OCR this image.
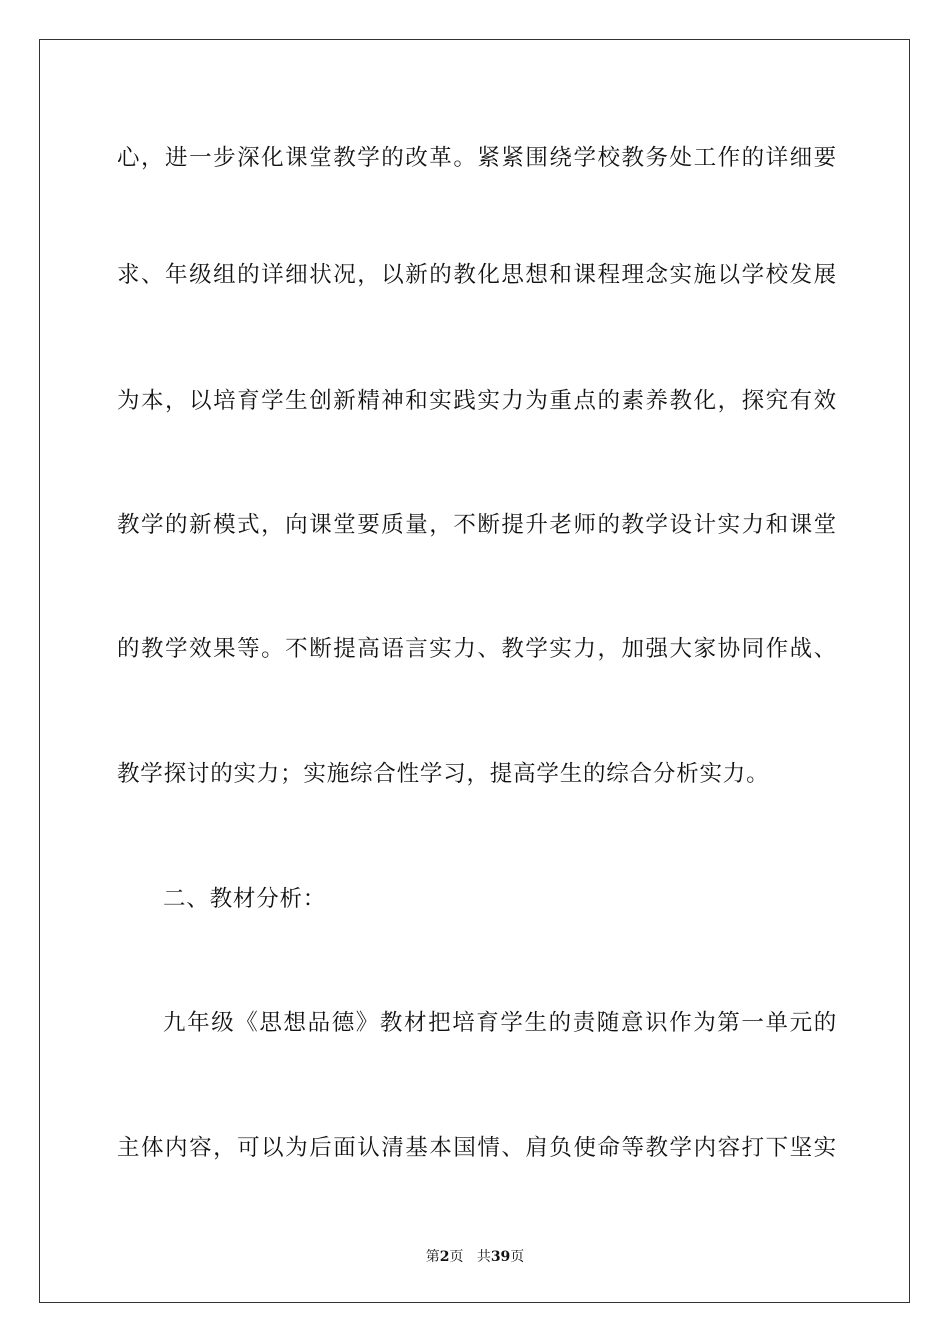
心，进一步深化课堂教学的改革。紧紧围绕学校教务处工作的详细要
求、年级组的详细状况，以新的教化思想和课程理念实施以学校发展
为本，以培育学生创新精神和实践实力为重点的素养教化，探究有效
教学的新模式，向课堂要质量，不断提升老师的教学设计实力和课堂
的教学效果等。不断提高语言实力、教学实力，加强大家协同作战、
教学探讨的实力；实施综合性学习，提高学生的综合分析实力。
二、教材分析：
九年级《思想品德》教材把培育学生的责随意识作为第一单元的
主体内容，可以为后面认清基本国情、肩负使命等教学内容打下坚实
第2页 共39页
